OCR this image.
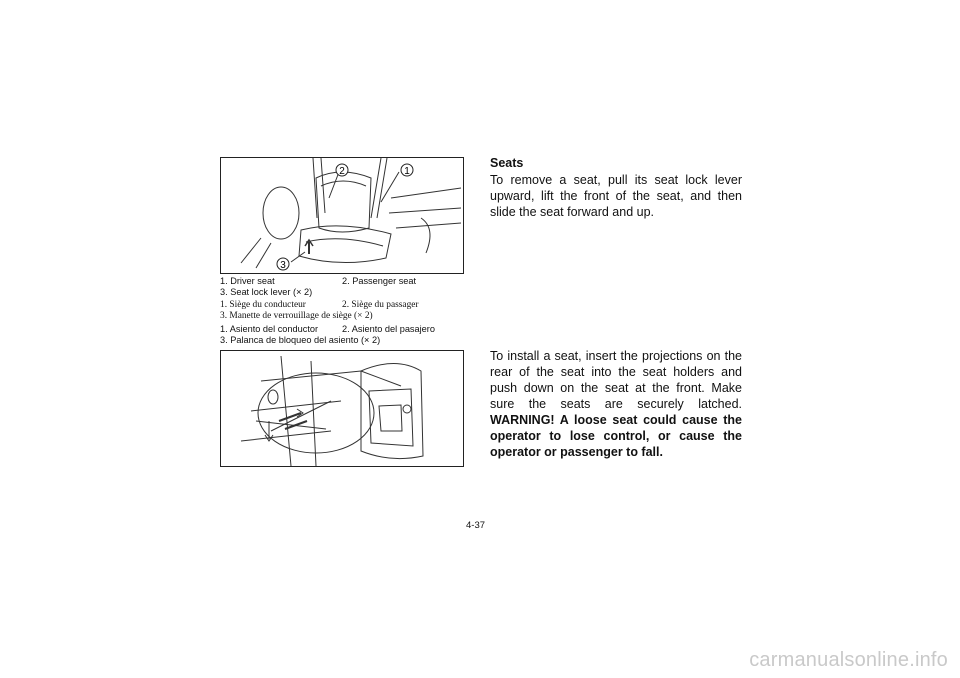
2	1
3
1. Driver seat	2. Passenger seat
3. Seat lock lever (× 2)
1. Siège du conducteur	2. Siège du passager
3. Manette de verrouillage de siège (× 2)
1. Asiento del conductor	2. Asiento del pasajero
3. Palanca de bloqueo del asiento (× 2)
Seats
To remove a seat, pull its seat lock lever upward, lift the front of the seat, and then slide the seat forward and up.
To install a seat, insert the projections on the rear of the seat into the seat holders and push down on the seat at the front. Make sure the seats are securely latched. WARNING! A loose seat could cause the operator to lose control, or cause the operator or passenger to fall.
4-37
carmanualsonline.info
